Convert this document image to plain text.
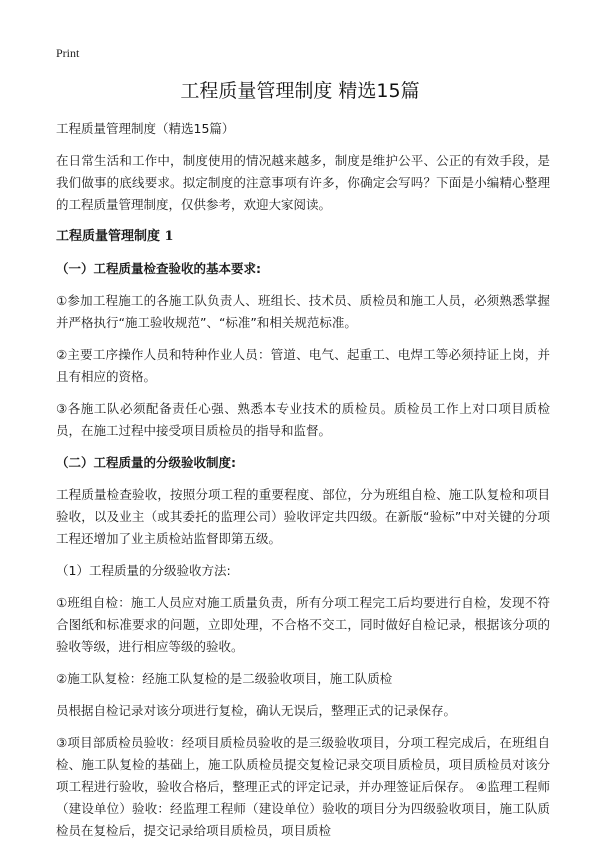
Print
工程质量管理制度 精选15篇

工程质量管理制度（精选15篇）

在日常生活和工作中，制度使用的情况越来越多，制度是维护公平、公正的有效手段，是我们做事的底线要求。拟定制度的注意事项有许多，你确定会写吗？下面是小编精心整理的工程质量管理制度，仅供参考，欢迎大家阅读。

工程质量管理制度 1
（一）工程质量检查验收的基本要求:

①参加工程施工的各施工队负责人、班组长、技术员、质检员和施工人员，必须熟悉掌握并严格执行“施工验收规范”、“标准”和相关规范标准。

②主要工序操作人员和特种作业人员：管道、电气、起重工、电焊工等必须持证上岗，并且有相应的资格。

③各施工队必须配备责任心强、熟悉本专业技术的质检员。质检员工作上对口项目质检员，在施工过程中接受项目质检员的指导和监督。

（二）工程质量的分级验收制度:

工程质量检查验收，按照分项工程的重要程度、部位，分为班组自检、施工队复检和项目验收，以及业主（或其委托的监理公司）验收评定共四级。在新版“验标”中对关键的分项工程还增加了业主质检站监督即第五级。

（1）工程质量的分级验收方法:

①班组自检：施工人员应对施工质量负责，所有分项工程完工后均要进行自检，发现不符合图纸和标准要求的问题，立即处理，不合格不交工，同时做好自检记录，根据该分项的验收等级，进行相应等级的验收。

②施工队复检：经施工队复检的是二级验收项目，施工队质检

员根据自检记录对该分项进行复检，确认无误后，整理正式的记录保存。

③项目部质检员验收：经项目质检员验收的是三级验收项目，分项工程完成后，在班组自检、施工队复检的基础上，施工队质检员提交复检记录交项目质检员，项目质检员对该分项工程进行验收，验收合格后，整理正式的评定记录，并办理签证后保存。 ④监理工程师（建设单位）验收：经监理工程师（建设单位）验收的项目分为四级验收项目，施工队质检员在复检后，提交记录给项目质检员，项目质检
